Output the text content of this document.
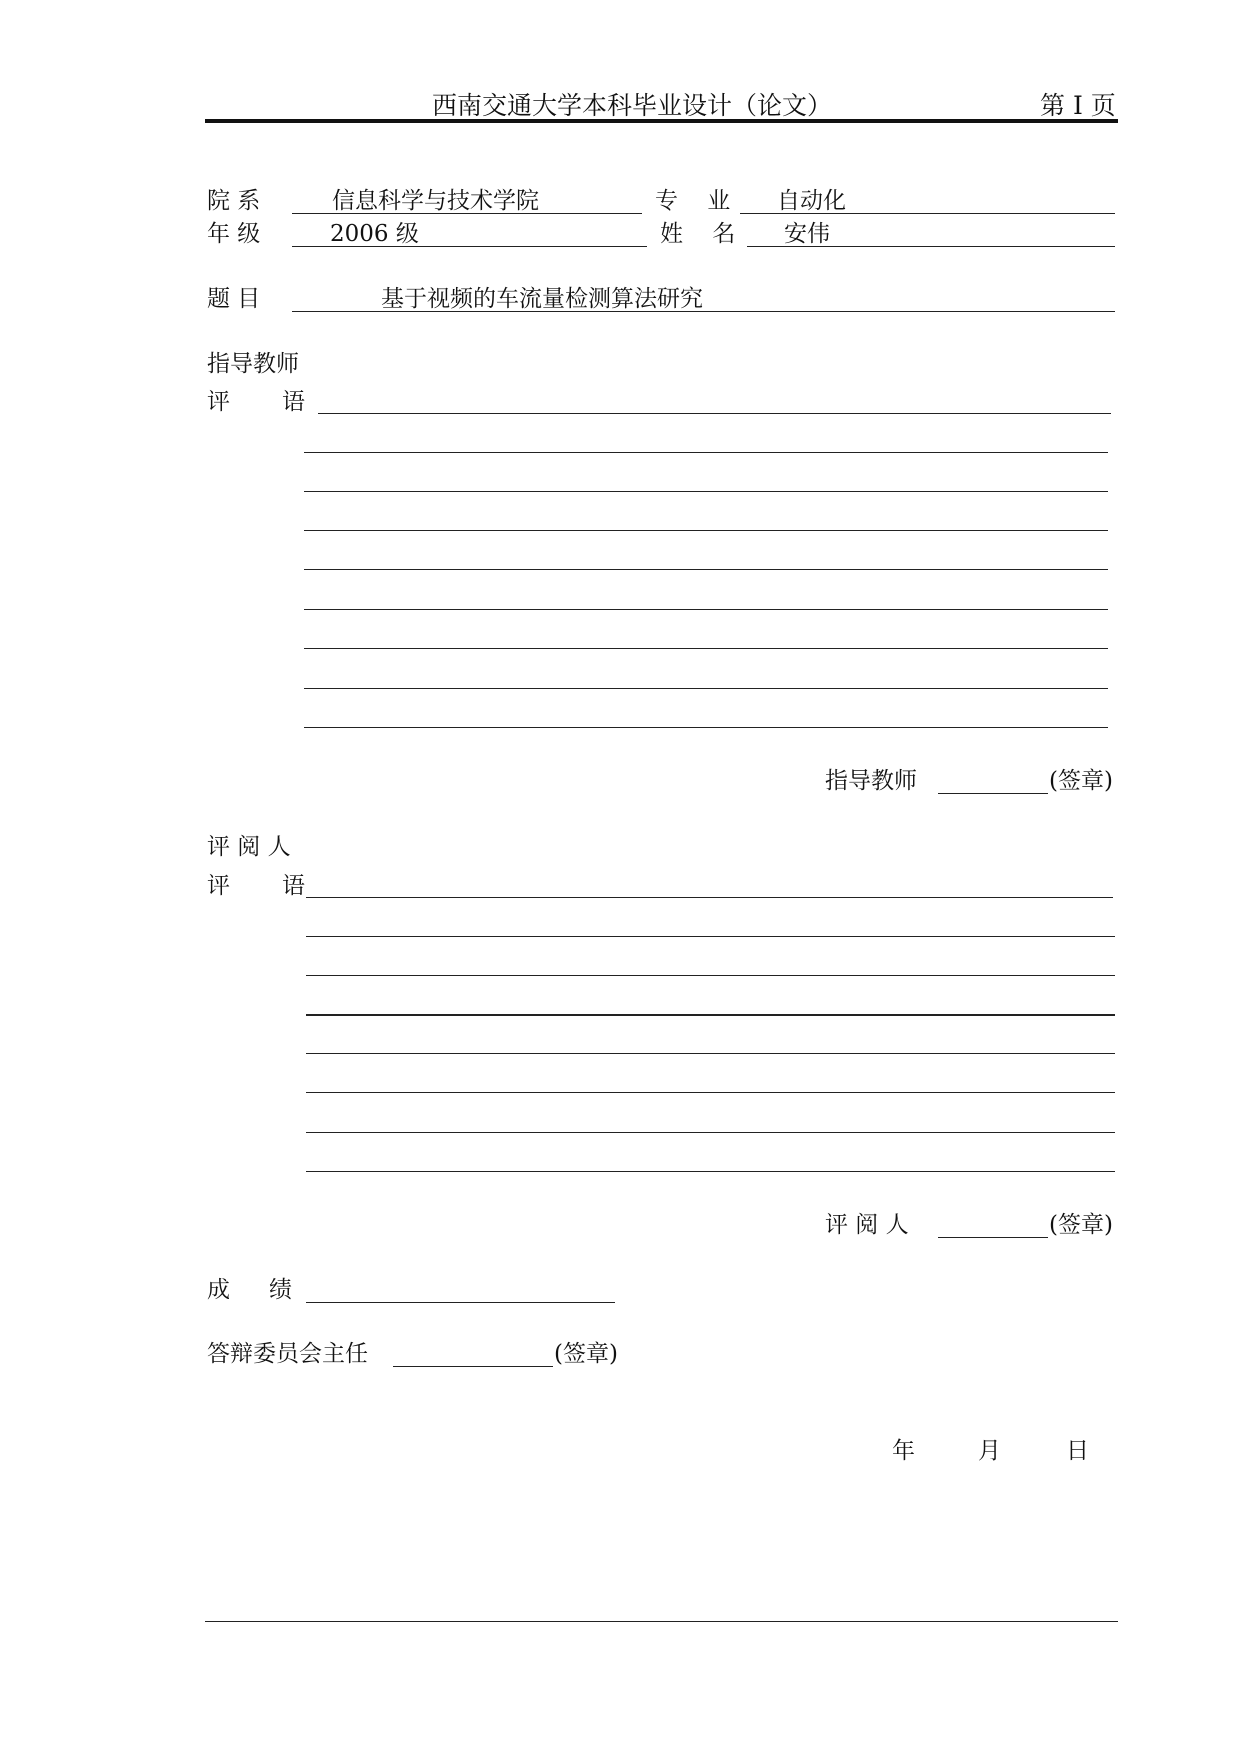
西南交通大学本科毕业设计（论文）	第 I 页
院 系	信息科学与技术学院	专 业 自动化
年 级	2006 级	姓 名 安伟
题 目	基于视频的车流量检测算法研究
指导教师
评 语
指导教师	(签章)
评 阅 人
评 语
评 阅 人	(签章)
成 绩
答辩委员会主任	(签章)
年	月	日
